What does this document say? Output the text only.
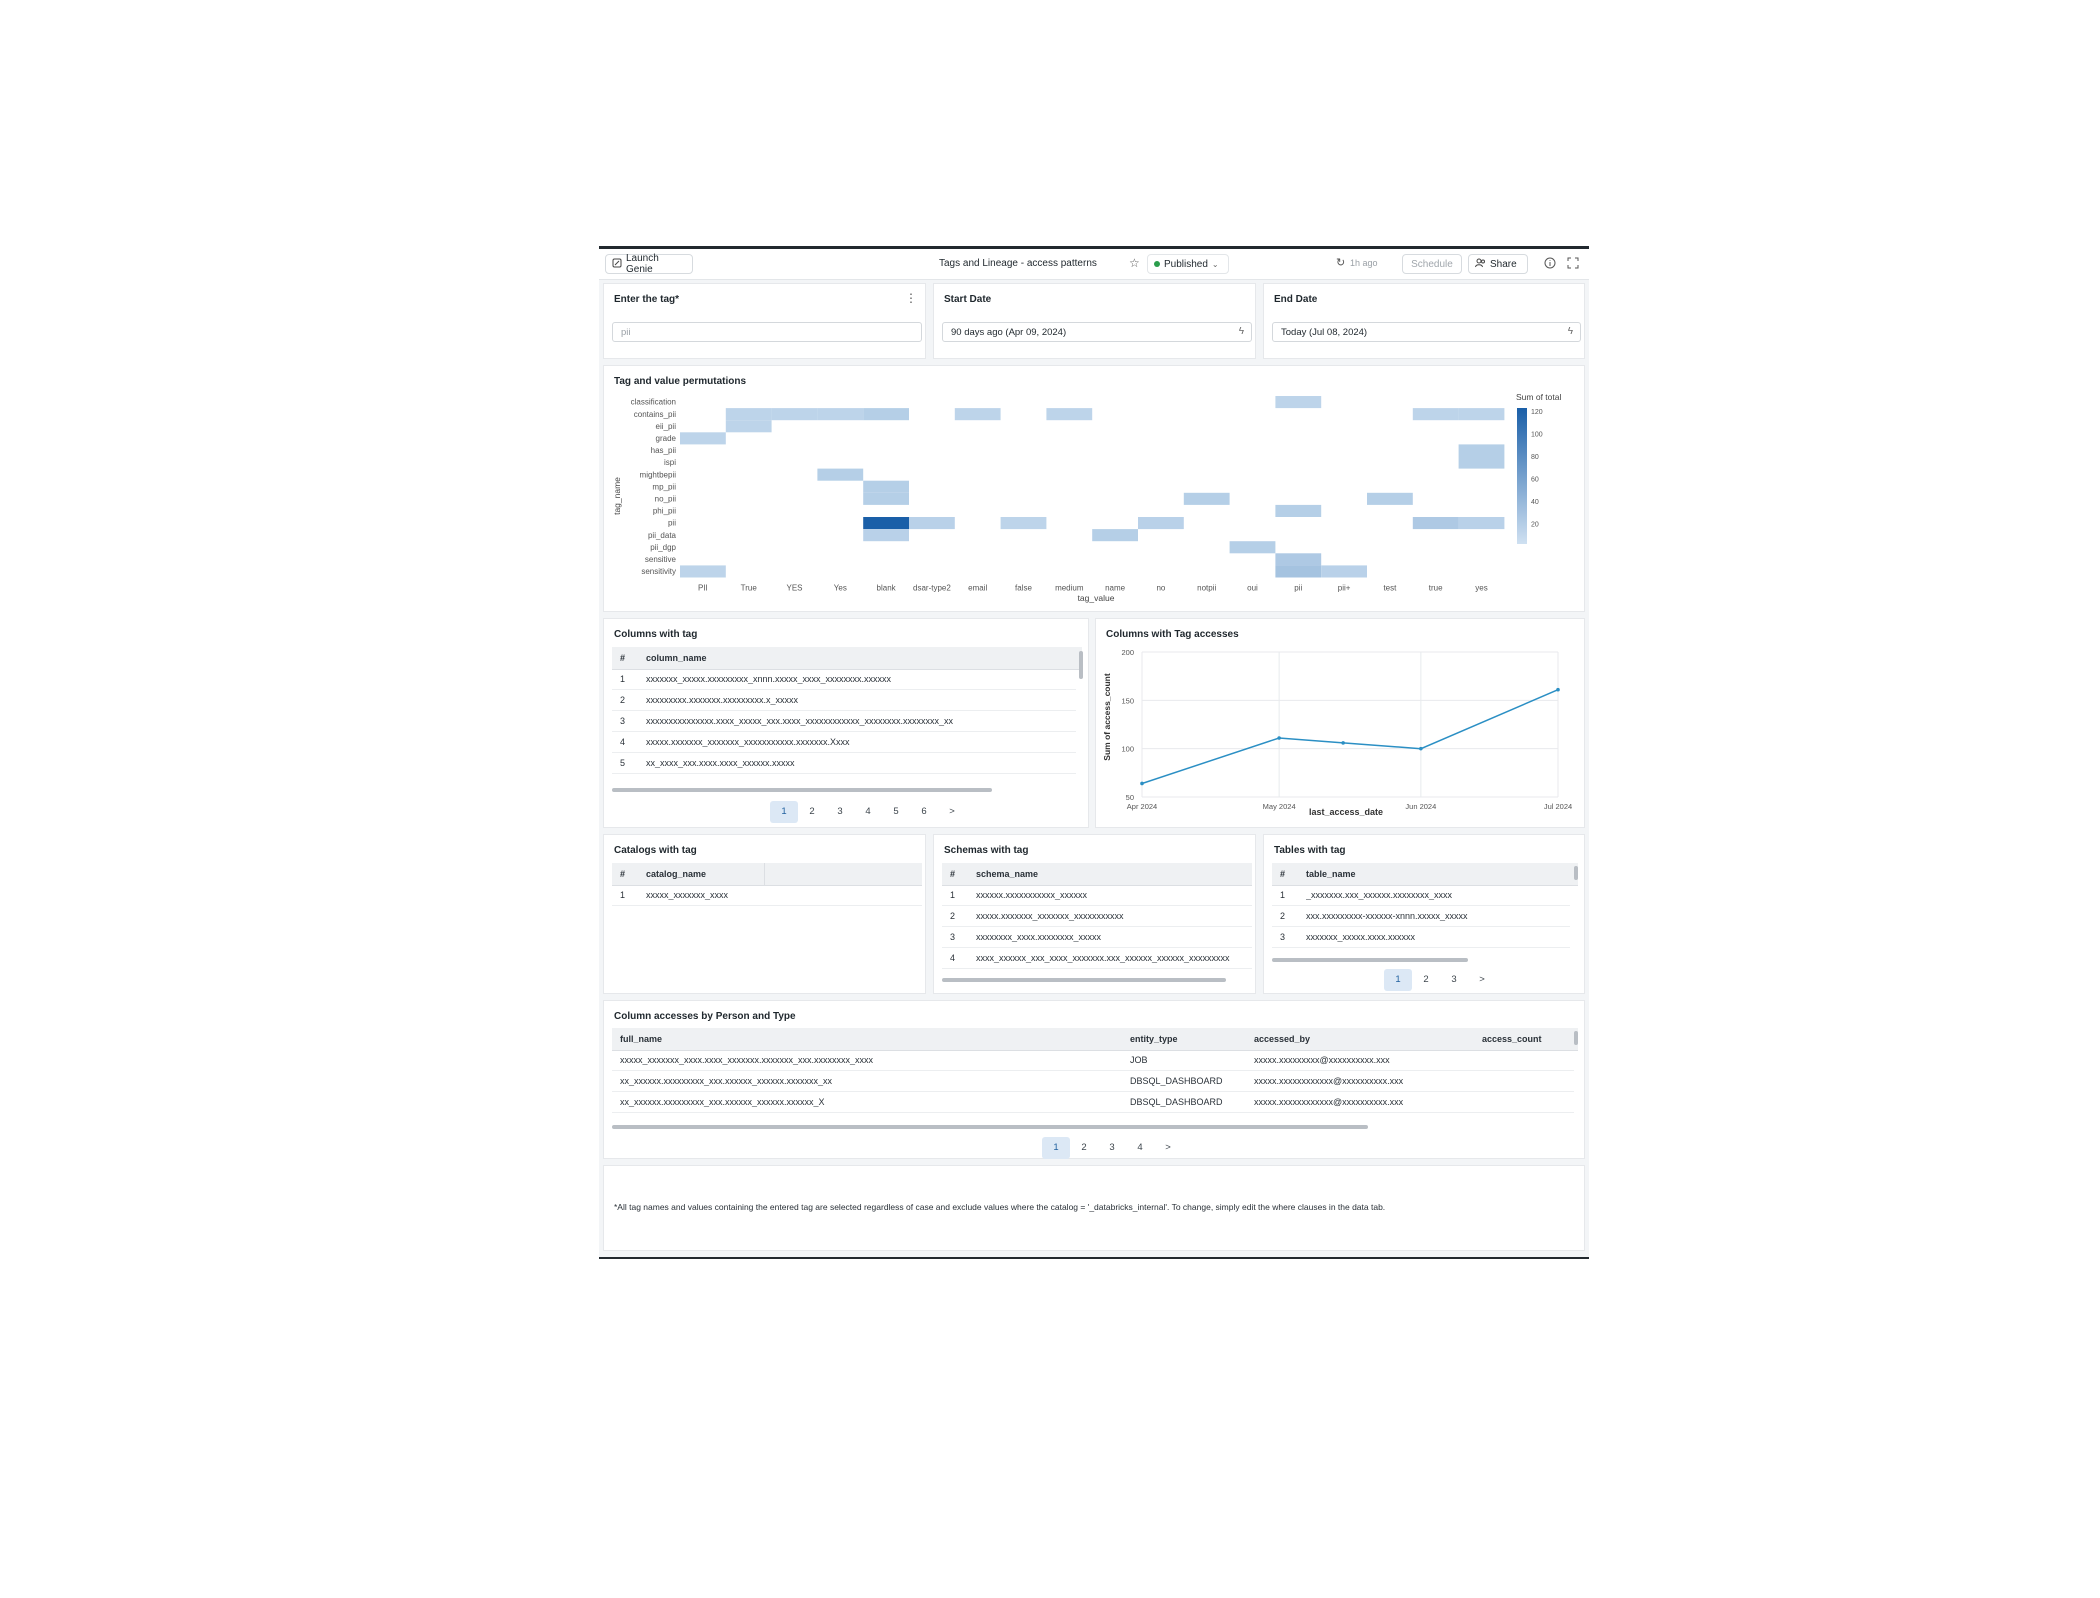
Launch Genie
Tags and Lineage - access patterns	☆ Published ⌄	↻ 1h ago	Schedule	Share
Enter the tag*	⋮
pii
Start Date
90 days ago (Apr 09, 2024)	ϟ
End Date
Today (Jul 08, 2024)	ϟ
Tag and value permutations
classification
contains_pii
eii_pii
grade
has_pii
ispi
mightbepii
mp_pii
no_pii
phi_pii
pii
pii_data
pii_dgp
sensitive
sensitivity
PII	True	YES	Yes	blank dsar-type2 email	false	medium	name	no	notpii	oui	pii	pii+	test	true	yes
tag_name
tag_value
Sum of total
120
100
80
60
40
20
Columns with tag
# column_name
1 xxxxxxx_xxxxx.xxxxxxxxx_xnnn.xxxxx_xxxx_xxxxxxxx.xxxxxx
2 xxxxxxxxx.xxxxxxx.xxxxxxxxx.x_xxxxx
3 xxxxxxxxxxxxxxx.xxxx_xxxxx_xxx.xxxx_xxxxxxxxxxxx_xxxxxxxx.xxxxxxxx_xx
4 xxxxx.xxxxxxx_xxxxxxx_xxxxxxxxxxx.xxxxxxx.Xxxx
5 xx_xxxx_xxx.xxxx.xxxx_xxxxxx.xxxxx
1	2	3	4	5	6	>
Columns with Tag accesses
50
100
150
200
Apr 2024	May 2024	Jun 2024	Jul 2024
Sum of access_count
last_access_date
Catalogs with tag
# catalog_name
1 xxxxx_xxxxxxx_xxxx
Schemas with tag
# schema_name
1 xxxxxx.xxxxxxxxxxx_xxxxxx
2 xxxxx.xxxxxxx_xxxxxxx_xxxxxxxxxxx
3 xxxxxxxx_xxxx.xxxxxxxx_xxxxx
4 xxxx_xxxxxx_xxx_xxxx_xxxxxxx.xxx_xxxxxx_xxxxxx_xxxxxxxxx
Tables with tag
# table_name
1 _xxxxxxx.xxx_xxxxxx.xxxxxxxx_xxxx
2 xxx.xxxxxxxxx-xxxxxx-xnnn.xxxxx_xxxxx
3 xxxxxxx_xxxxx.xxxx.xxxxxx
1	2	3	>
Column accesses by Person and Type
full_name	entity_type	accessed_by	access_count
xxxxx_xxxxxxx_xxxx.xxxx_xxxxxxx.xxxxxxx_xxx.xxxxxxxx_xxxx	JOB	xxxxx.xxxxxxxxx@xxxxxxxxxx.xxx
xx_xxxxxx.xxxxxxxxx_xxx.xxxxxx_xxxxxx.xxxxxxx_xx	DBSQL_DASHBOARD	xxxxx.xxxxxxxxxxxx@xxxxxxxxxx.xxx
xx_xxxxxx.xxxxxxxxx_xxx.xxxxxx_xxxxxx.xxxxxx_X	DBSQL_DASHBOARD	xxxxx.xxxxxxxxxxxx@xxxxxxxxxx.xxx
1	2	3	4	>
*All tag names and values containing the entered tag are selected regardless of case and exclude values where the catalog = '_databricks_internal'. To change, simply edit the where clauses in the data tab.
